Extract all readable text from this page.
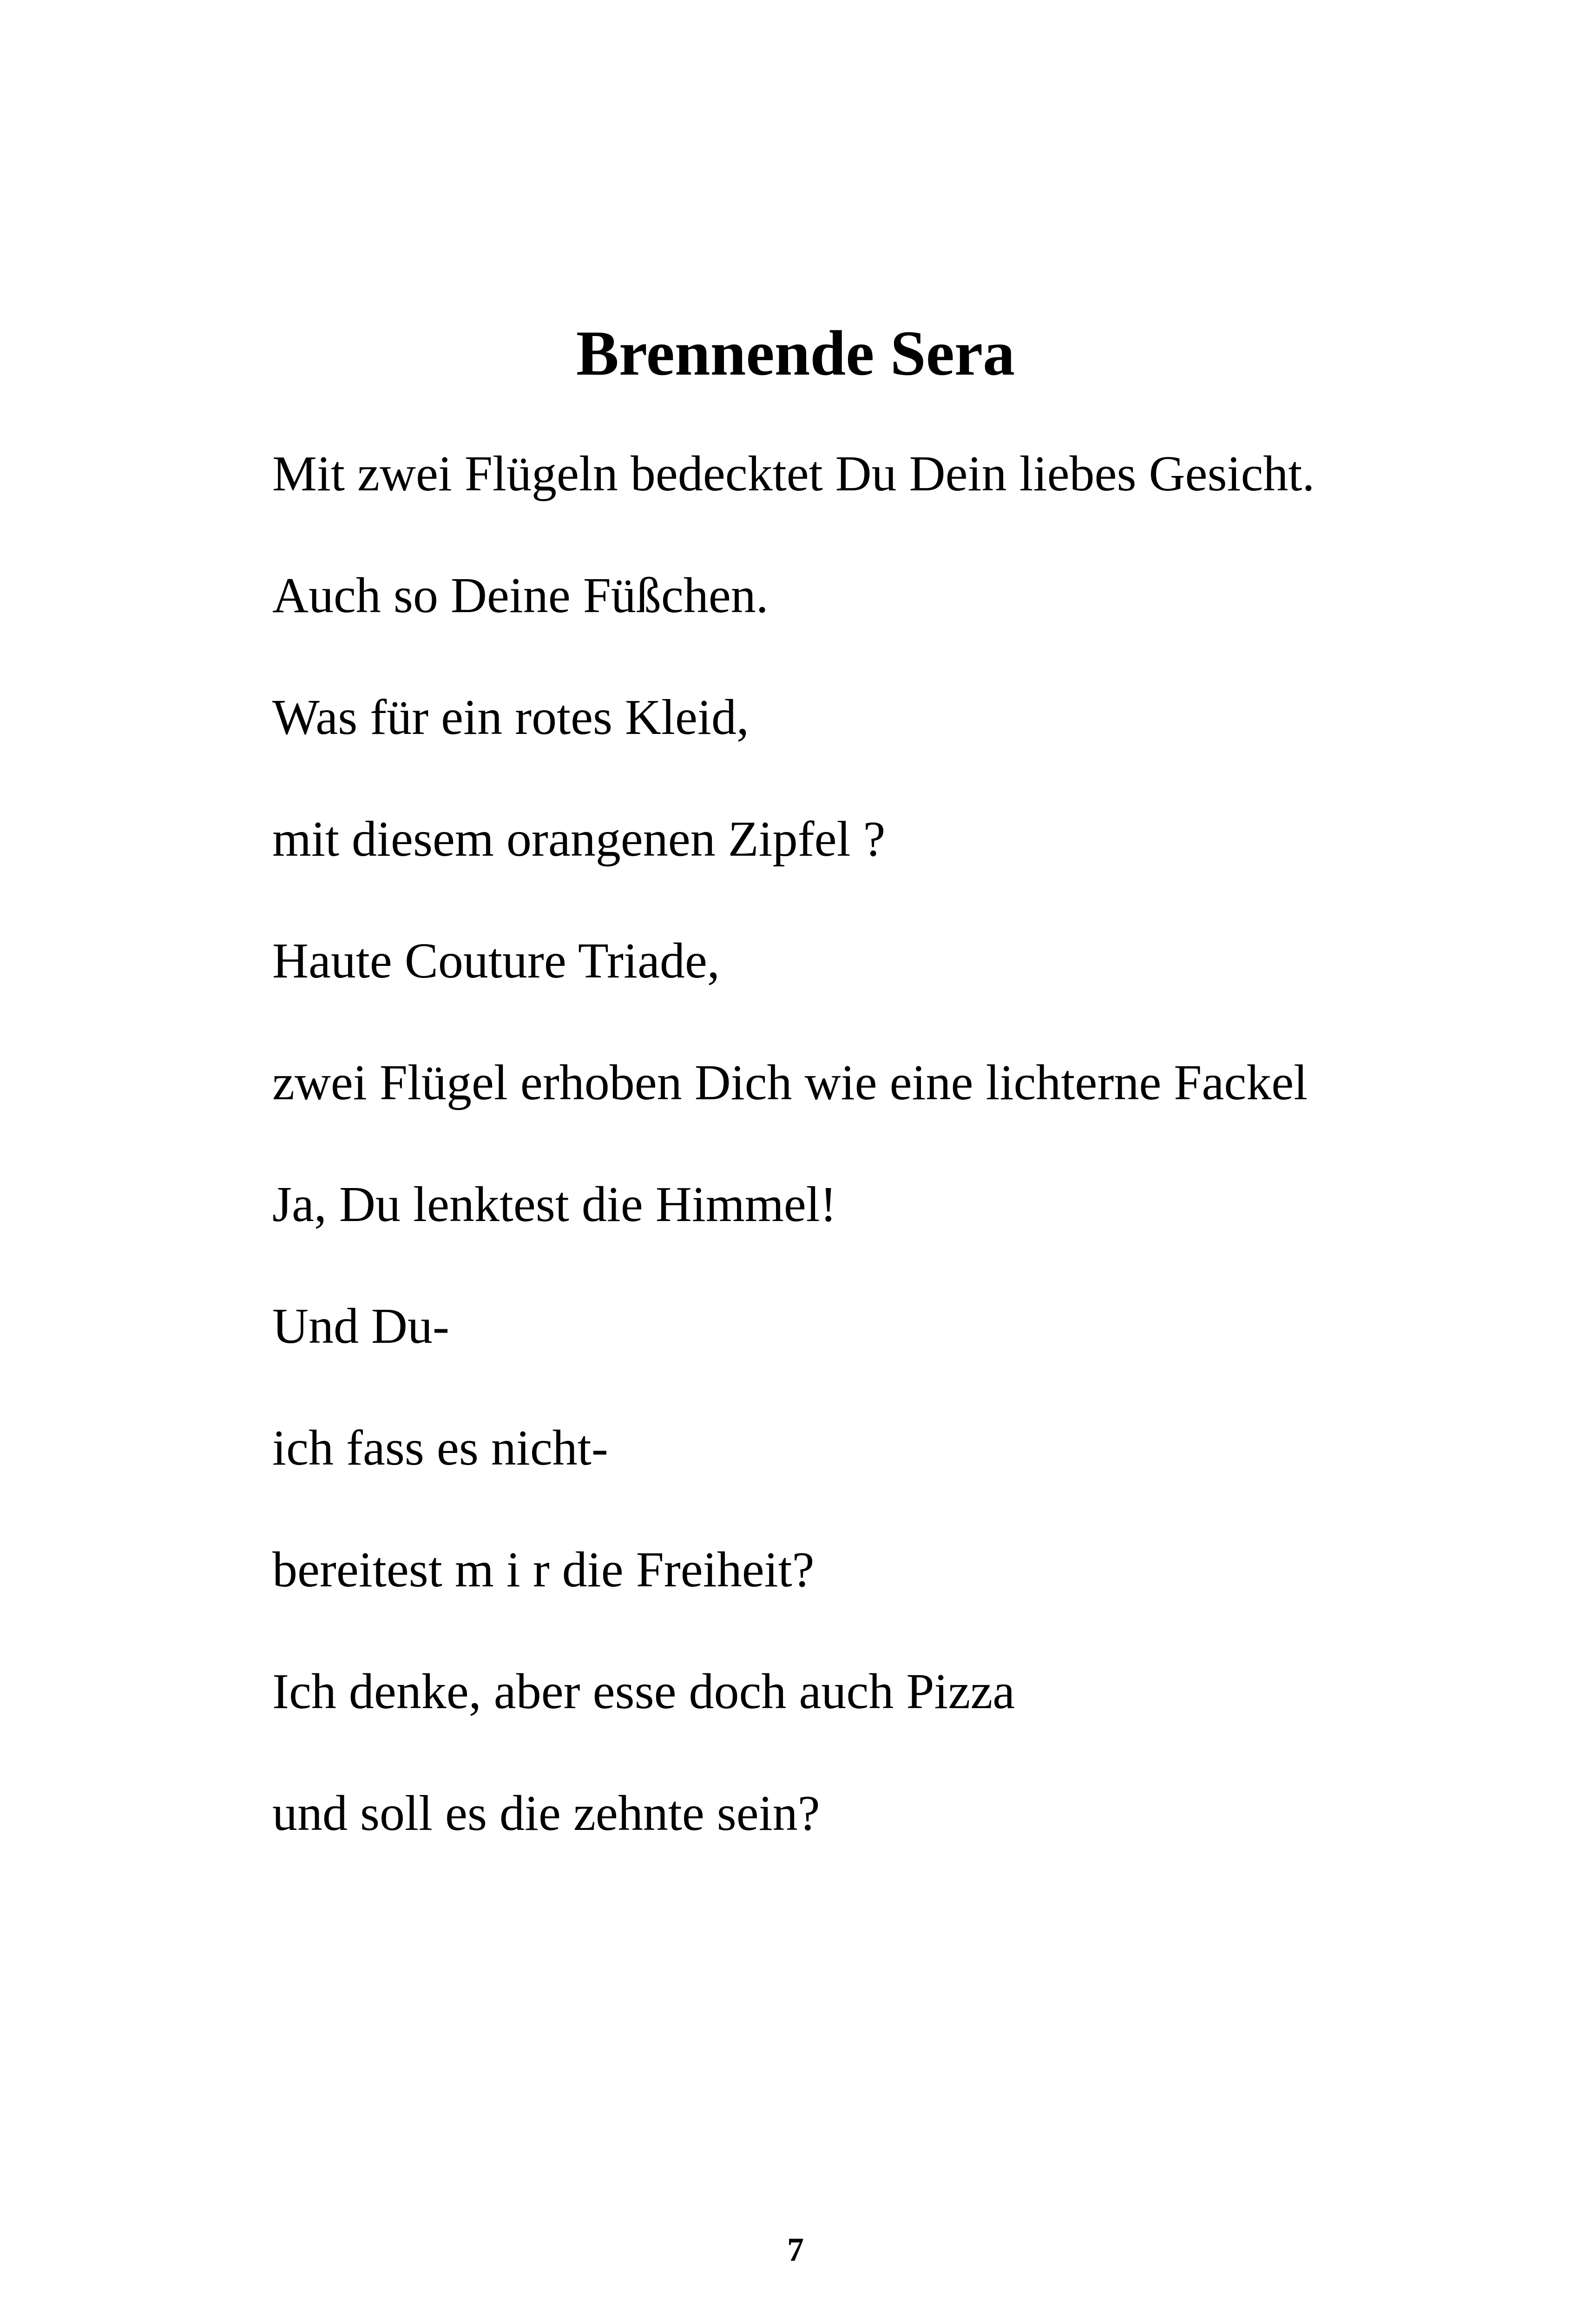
Brennende Sera

Mit zwei Flügeln bedecktet Du Dein liebes Gesicht.

Auch so Deine Füßchen.

Was für ein rotes Kleid,

mit diesem orangenen Zipfel ?

Haute Couture Triade,

zwei Flügel erhoben Dich wie eine lichterne Fackel

Ja, Du lenktest die Himmel!

Und Du-

ich fass es nicht-

bereitest m i r die Freiheit?

Ich denke, aber esse doch auch Pizza

und soll es die zehnte sein?

7
